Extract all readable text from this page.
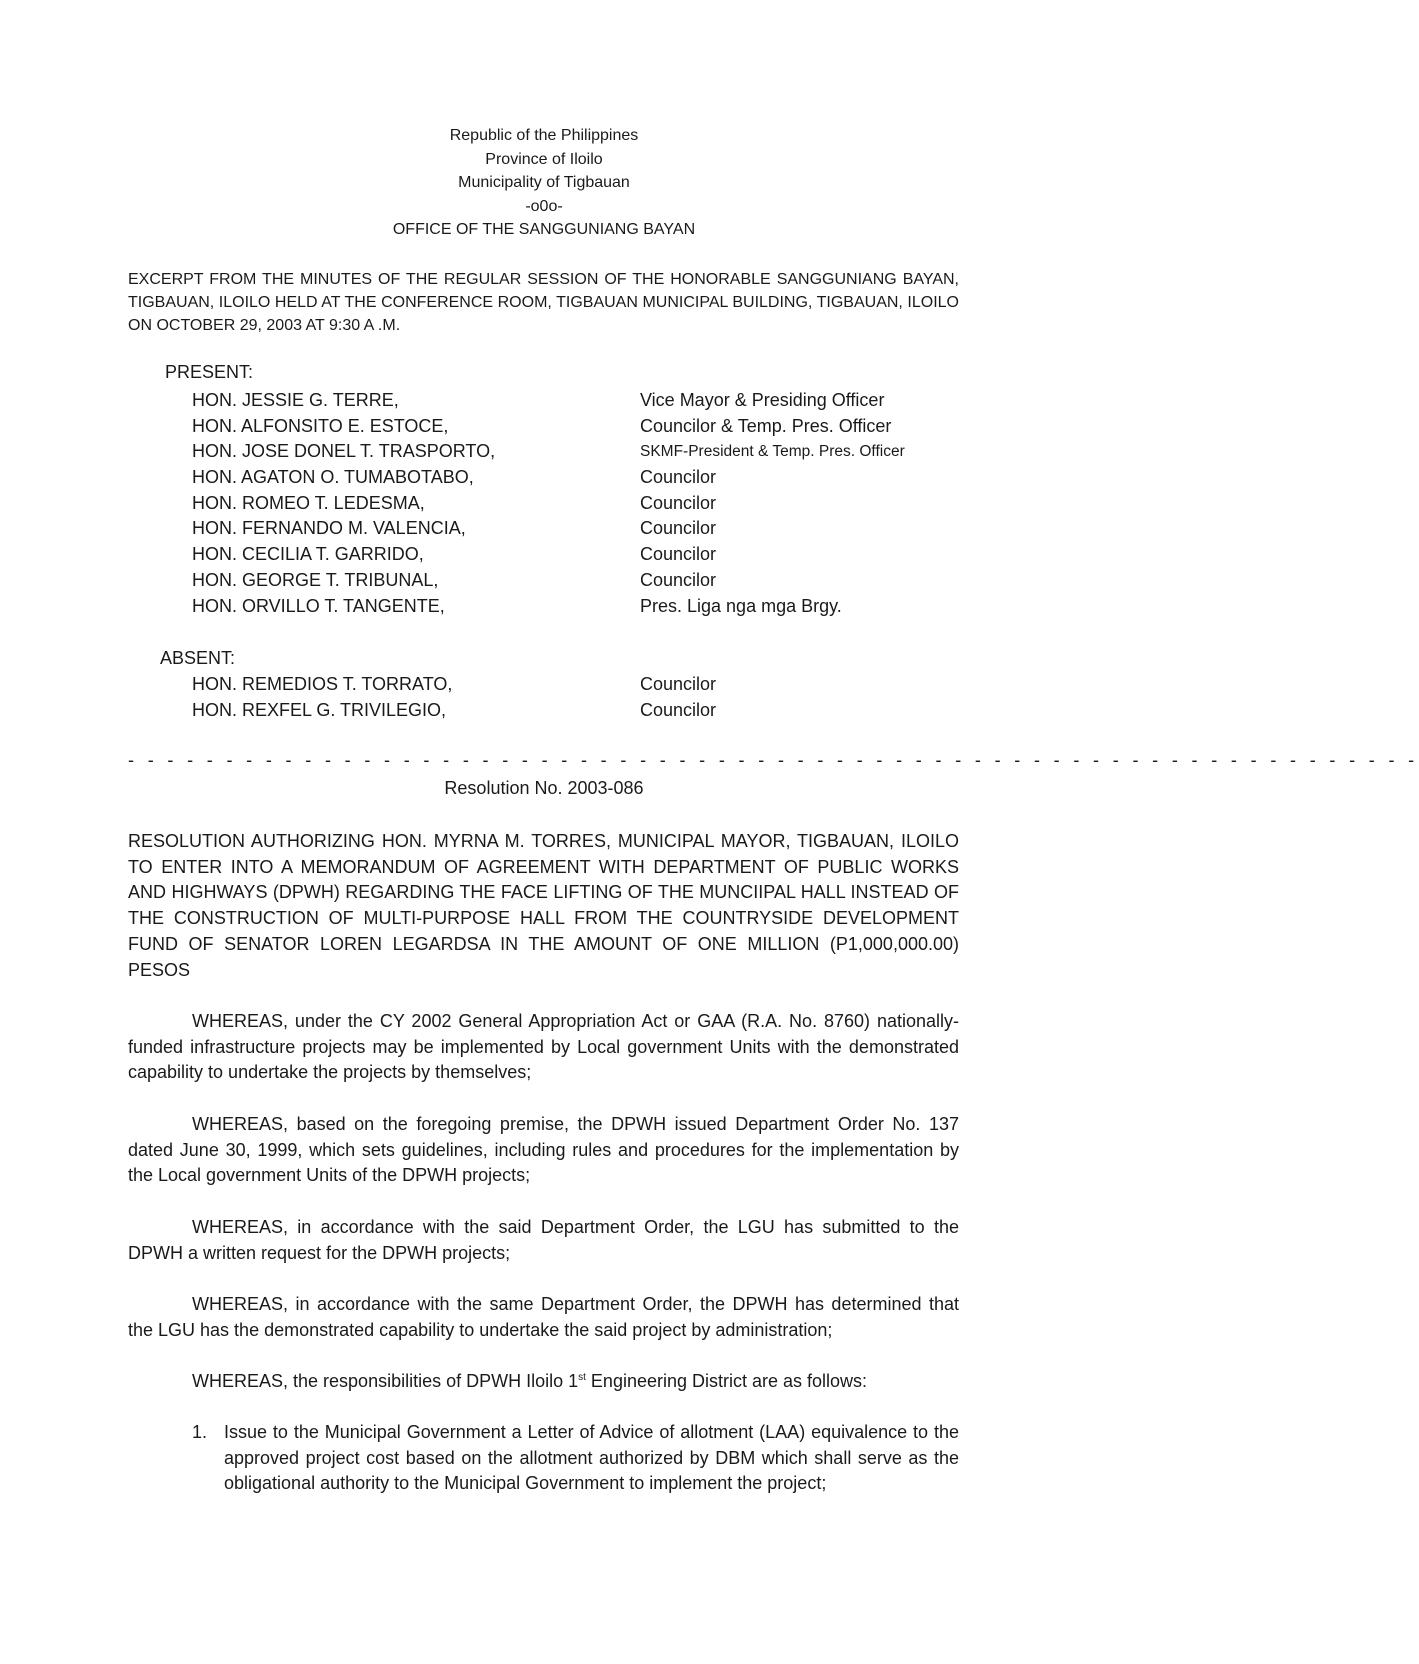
Republic of the Philippines
Province of Iloilo
Municipality of Tigbauan
-o0o-
OFFICE OF THE SANGGUNIANG BAYAN
EXCERPT FROM THE MINUTES OF THE REGULAR SESSION OF THE HONORABLE SANGGUNIANG BAYAN, TIGBAUAN, ILOILO HELD AT THE CONFERENCE ROOM, TIGBAUAN MUNICIPAL BUILDING, TIGBAUAN, ILOILO ON OCTOBER 29, 2003 AT 9:30 A .M.
PRESENT:
HON. JESSIE G. TERRE,	Vice Mayor & Presiding Officer
HON. ALFONSITO E. ESTOCE,	Councilor & Temp. Pres. Officer
HON. JOSE DONEL T. TRASPORTO,	SKMF-President & Temp. Pres. Officer
HON. AGATON O. TUMABOTABO,	Councilor
HON. ROMEO T. LEDESMA,	Councilor
HON. FERNANDO M. VALENCIA,	Councilor
HON. CECILIA T. GARRIDO,	Councilor
HON. GEORGE T. TRIBUNAL,	Councilor
HON. ORVILLO T. TANGENTE,	Pres. Liga nga mga Brgy.
ABSENT:
HON. REMEDIOS T. TORRATO,	Councilor
HON. REXFEL G. TRIVILEGIO,	Councilor
- - - - - - - - - - - - - - - - - - - - - - - - - - - - - - - - - - - - - - - - - - - - - - - - - - - - - - - - - - - - - - - - - -
Resolution No. 2003-086
RESOLUTION AUTHORIZING HON. MYRNA M. TORRES, MUNICIPAL MAYOR, TIGBAUAN, ILOILO TO ENTER INTO A MEMORANDUM OF AGREEMENT WITH DEPARTMENT OF PUBLIC WORKS AND HIGHWAYS (DPWH) REGARDING THE FACE LIFTING OF THE MUNCIIPAL HALL INSTEAD OF THE CONSTRUCTION OF MULTI-PURPOSE HALL FROM THE COUNTRYSIDE DEVELOPMENT FUND OF SENATOR LOREN LEGARDSA IN THE AMOUNT OF ONE MILLION (P1,000,000.00) PESOS
WHEREAS, under the CY 2002 General Appropriation Act or GAA (R.A. No. 8760) nationally-funded infrastructure projects may be implemented by Local government Units with the demonstrated capability to undertake the projects by themselves;
WHEREAS, based on the foregoing premise, the DPWH issued Department Order No. 137 dated June 30, 1999, which sets guidelines, including rules and procedures for the implementation by the Local government Units of the DPWH projects;
WHEREAS, in accordance with the said Department Order, the LGU has submitted to the DPWH a written request for the DPWH projects;
WHEREAS, in accordance with the same Department Order, the DPWH has determined that the LGU has the demonstrated capability to undertake the said project by administration;
WHEREAS, the responsibilities of DPWH Iloilo 1st Engineering District are as follows:
1. Issue to the Municipal Government a Letter of Advice of allotment (LAA) equivalence to the approved project cost based on the allotment authorized by DBM which shall serve as the obligational authority to the Municipal Government to implement the project;
